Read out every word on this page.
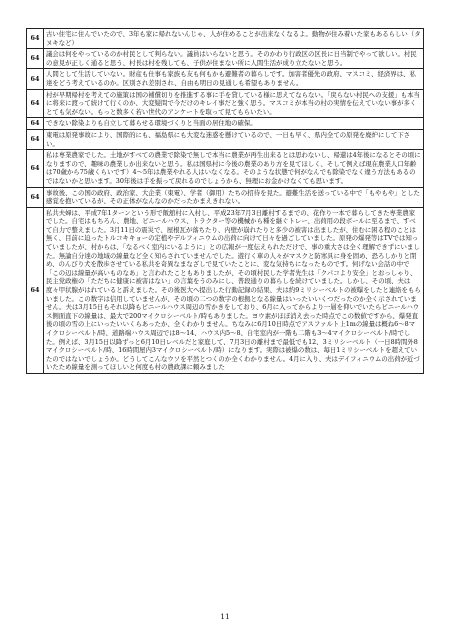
64	古い住宅に住んでいたので、3年も家に帰れないんじゃ、人が住めることが出来なくなるよ。動物が住み着いた家もあるらしい（タヌキなど）
64	議会は何をやっているのか村民として判らない。議員はいらないと思う。そのかわり行政区の区長に日当制でやって欲しい。村民の意見が正しく通ると思う、村長は村を残しても、子供が住まない所に人間生活が成り立たないと思う。
64	人間として生活していない。財産も仕事も家族も友も何もかも避難者の暮らしです。加害者優先の政府、マスコミ、経済界は、私達をどう考えているのか。区別され差別され、自由も明日の見通しも希望もありません。
64	村が早期帰村を考えての施策は国の補償切りを推進する事に手を貸している様に思えてならない。「戻らない村民への支援」も本当に将来に渡って続けて行くのか、大変疑問で今だけのキレイ事だと強く思う。マスコミが本当の村の実情を伝えていない事が多くとても気がない。もっと数多く若い世代のアンケートを取って見てもらいたい。
64	できない除染よりも自立して暮らせる環境づくりと当面の居住地の確保。
64	東電は原発事故により、国際的にも、福島県にも大変な迷惑を懸けているので、一日も早く、県内全ての原発を廃炉にして下さい。
64	私は専業農家でした。土地がすべての農業で除染で無しで本当に農業が再生出来るとは思わないし、帰還は4年後になるとその頃になりますので、趣味の農業しか出来ないと思う。私は国県村に今後の農業のあり方を見てほしく、そして例えば現在農業人口年齢は70歳から75歳くらいです）4〜5年は農業やれる人はいなくなる。そのような状態で何がなんでも除染でなく違う方法もあるのではないかと思います。30年後は手を振って戻れるのでしょうから、無理にお金かけなくても思います。
64	事故後、この国の政府、政治家、大企業（東電）、学者（御用）たちの招待を見た。避難生活を送っている中で「もやもや」とした感覚を抱いているが、その正体がなんなのかだったかまえきれない。
64	私共夫婦は、平成7年1ターンという形で飯舘村に入村し、平成23年7月3日離村するまでの、花作り一本で暮らしてきた専業農家でした。自宅はもちろん、農地、ビニールハウス、トラクター等の機械から種を継ぐトレー、出荷用の段ボールに至るまで、すべて自力で整えました。3月11日の震災で、屋根瓦が落ちたり、内壁が崩れたりと多少の被害は出ましたが、住むに困る程のことは無く、目前に迫ったトルコキキョーの定植やデルフィニウムの出荷に向けて日々を過ごしていました。原発の爆発等はTVでは知っていましたが、村からは、「なるべく室内にいるように」との広報が一度伝えられただけで、事の重大さは全く理解できずにいました。無論自分達の地域の線量など全く知らされていませんでした。遊行く車の人々がマスクと防寒具に身を固め、恐ろしかりと閉め、のんびり犬を散歩させている私共を奇異なまなざしで見ていたことに、変な気持ちになったものです。何げない会話の中で「この辺は線量が高いものなあ」と言われたこともありましたが、その頃村民した学者先生は「クパコより安全」とおっしゃり、民主党政権の「ただちに健康に被害はない」の言葉をうのみにし、普段通りの暮らしを続けていました。しかし、その頃、夫は度々甲状腺がはれていると訴えました。その後医大へ提出した行動記録の結果、夫は約9ミリシーベルトの被曝をしたと連絡をもらいました。この数字は信用していませんが、その頃の二つの数字の根拠となる線量はいったいいくつだったのか全く示されていません。夫は3月15日もそれ以降もビニールハウス周辺の雪かきをしており、6月に入ってからより一層を仰いでいたらビニールハウス側面直下の線量は、最大で200マイクロシーベルト/時もありました。ヨウ素がほぼ消え去った時点でこの数値ですから、爆発直後の頃の雪の上にいったいいくらあったか、全くわかりません。ちなみに6月10日時点でアスファルト上1mの線量は概ね6〜8マイクロシーベルト/時、道路端ハウス周辺では8〜14、ハウス内5〜8、自宅室内が一階も二階も3〜4マイクロシーベルト/時でした。例えば、3月15日以降ずっと6月10日レベルだと家庭して、7月3日の離村まで最低でも12、3ミリシーベルト（一日8時間外8マイクロシーベルト/時、16時間屋内3マイクロシーベルト/時）になります。実際は被爆の数は、毎日1ミリシーベルトを超えていたのではないでしょうか。どうしてこんなウソを平然とつくのか全くわかりません。4月に入り、夫はデイフィニウムの出荷が近づいたため線量を測ってほしいと何度も村の農政課に頼みました
11
